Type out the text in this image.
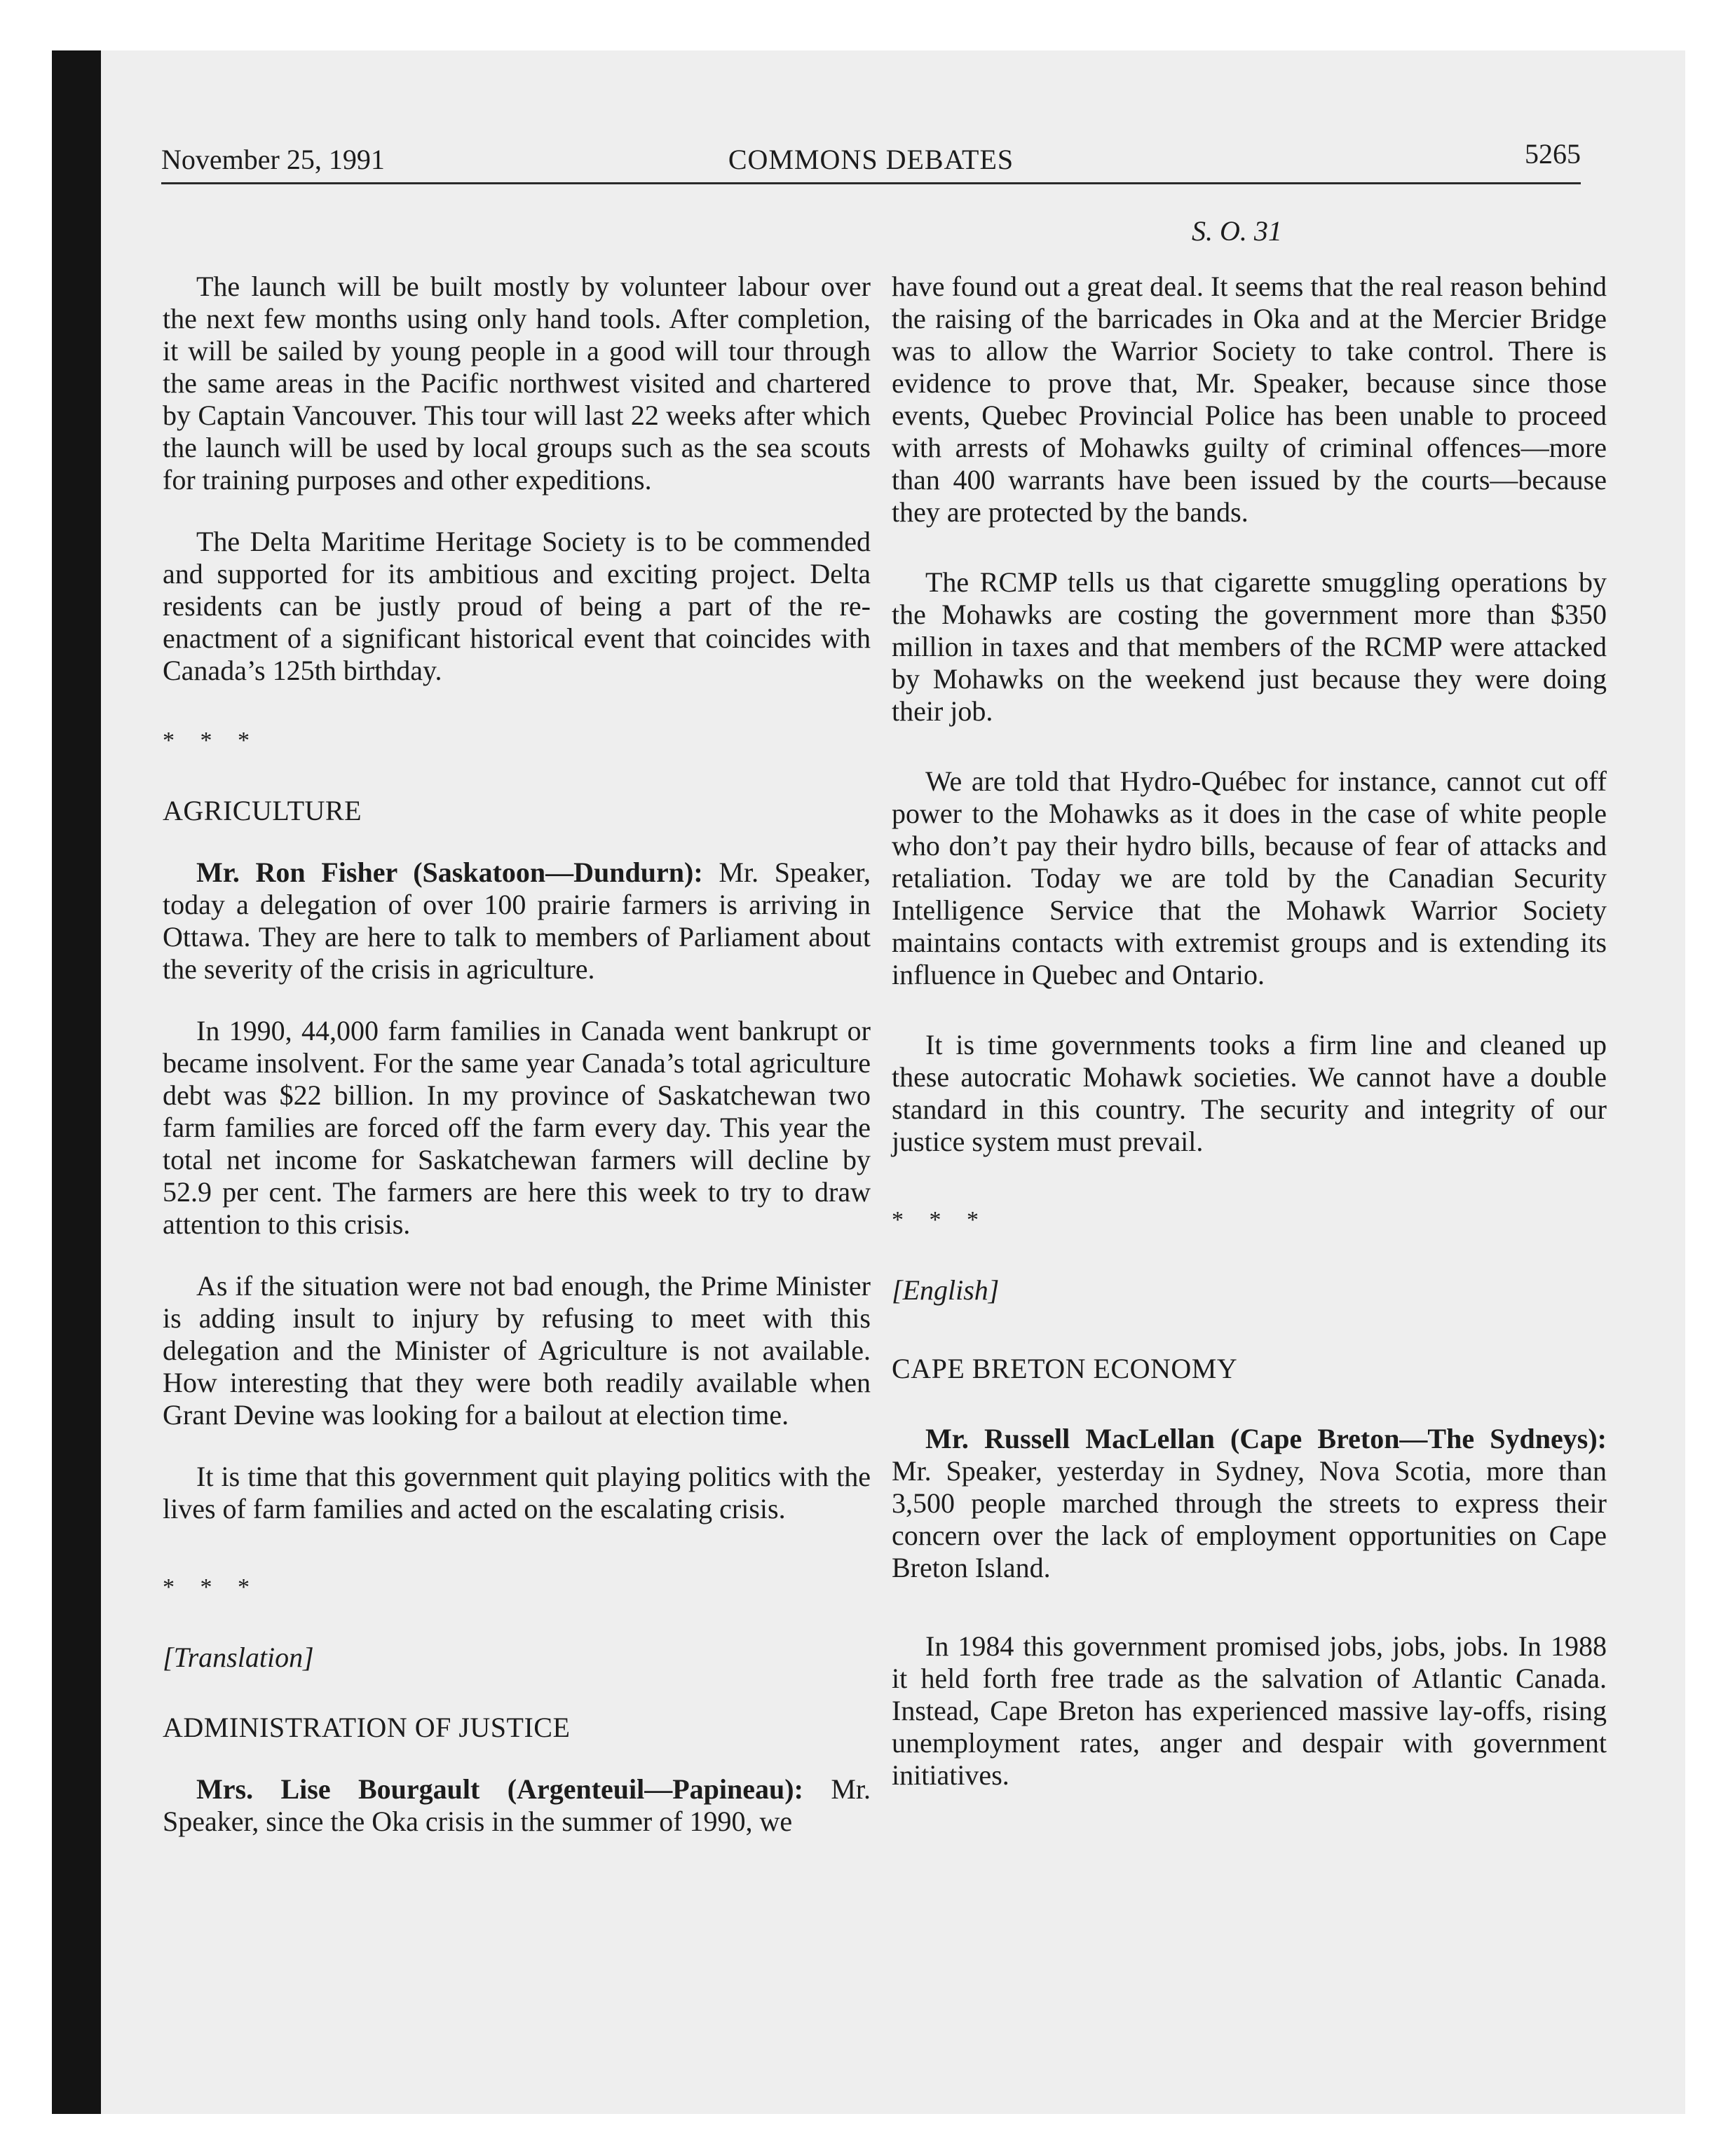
November 25, 1991	COMMONS DEBATES	5265
S. O. 31

The launch will be built mostly by volunteer labour over the next few months using only hand tools. After completion, it will be sailed by young people in a good will tour through the same areas in the Pacific northwest visited and chartered by Captain Vancouver. This tour will last 22 weeks after which the launch will be used by local groups such as the sea scouts for training purposes and other expeditions.

The Delta Maritime Heritage Society is to be commended and supported for its ambitious and exciting project. Delta residents can be justly proud of being a part of the re-enactment of a significant historical event that coincides with Canada’s 125th birthday.

* * *

AGRICULTURE

Mr. Ron Fisher (Saskatoon—Dundurn): Mr. Speaker, today a delegation of over 100 prairie farmers is arriving in Ottawa. They are here to talk to members of Parliament about the severity of the crisis in agriculture.

In 1990, 44,000 farm families in Canada went bankrupt or became insolvent. For the same year Canada’s total agriculture debt was $22 billion. In my province of Saskatchewan two farm families are forced off the farm every day. This year the total net income for Saskatchewan farmers will decline by 52.9 per cent. The farmers are here this week to try to draw attention to this crisis.

As if the situation were not bad enough, the Prime Minister is adding insult to injury by refusing to meet with this delegation and the Minister of Agriculture is not available. How interesting that they were both readily available when Grant Devine was looking for a bailout at election time.

It is time that this government quit playing politics with the lives of farm families and acted on the escalating crisis.

* * *

[Translation]

ADMINISTRATION OF JUSTICE

Mrs. Lise Bourgault (Argenteuil—Papineau): Mr. Speaker, since the Oka crisis in the summer of 1990, we

have found out a great deal. It seems that the real reason behind the raising of the barricades in Oka and at the Mercier Bridge was to allow the Warrior Society to take control. There is evidence to prove that, Mr. Speaker, because since those events, Quebec Provincial Police has been unable to proceed with arrests of Mohawks guilty of criminal offences—more than 400 warrants have been issued by the courts—because they are protected by the bands.

The RCMP tells us that cigarette smuggling operations by the Mohawks are costing the government more than $350 million in taxes and that members of the RCMP were attacked by Mohawks on the weekend just because they were doing their job.

We are told that Hydro-Québec for instance, cannot cut off power to the Mohawks as it does in the case of white people who don’t pay their hydro bills, because of fear of attacks and retaliation. Today we are told by the Canadian Security Intelligence Service that the Mohawk Warrior Society maintains contacts with extremist groups and is extending its influence in Quebec and Ontario.

It is time governments tooks a firm line and cleaned up these autocratic Mohawk societies. We cannot have a double standard in this country. The security and integrity of our justice system must prevail.

* * *

[English]

CAPE BRETON ECONOMY

Mr. Russell MacLellan (Cape Breton—The Sydneys): Mr. Speaker, yesterday in Sydney, Nova Scotia, more than 3,500 people marched through the streets to express their concern over the lack of employment opportunities on Cape Breton Island.

In 1984 this government promised jobs, jobs, jobs. In 1988 it held forth free trade as the salvation of Atlantic Canada. Instead, Cape Breton has experienced massive lay-offs, rising unemployment rates, anger and despair with government initiatives.
